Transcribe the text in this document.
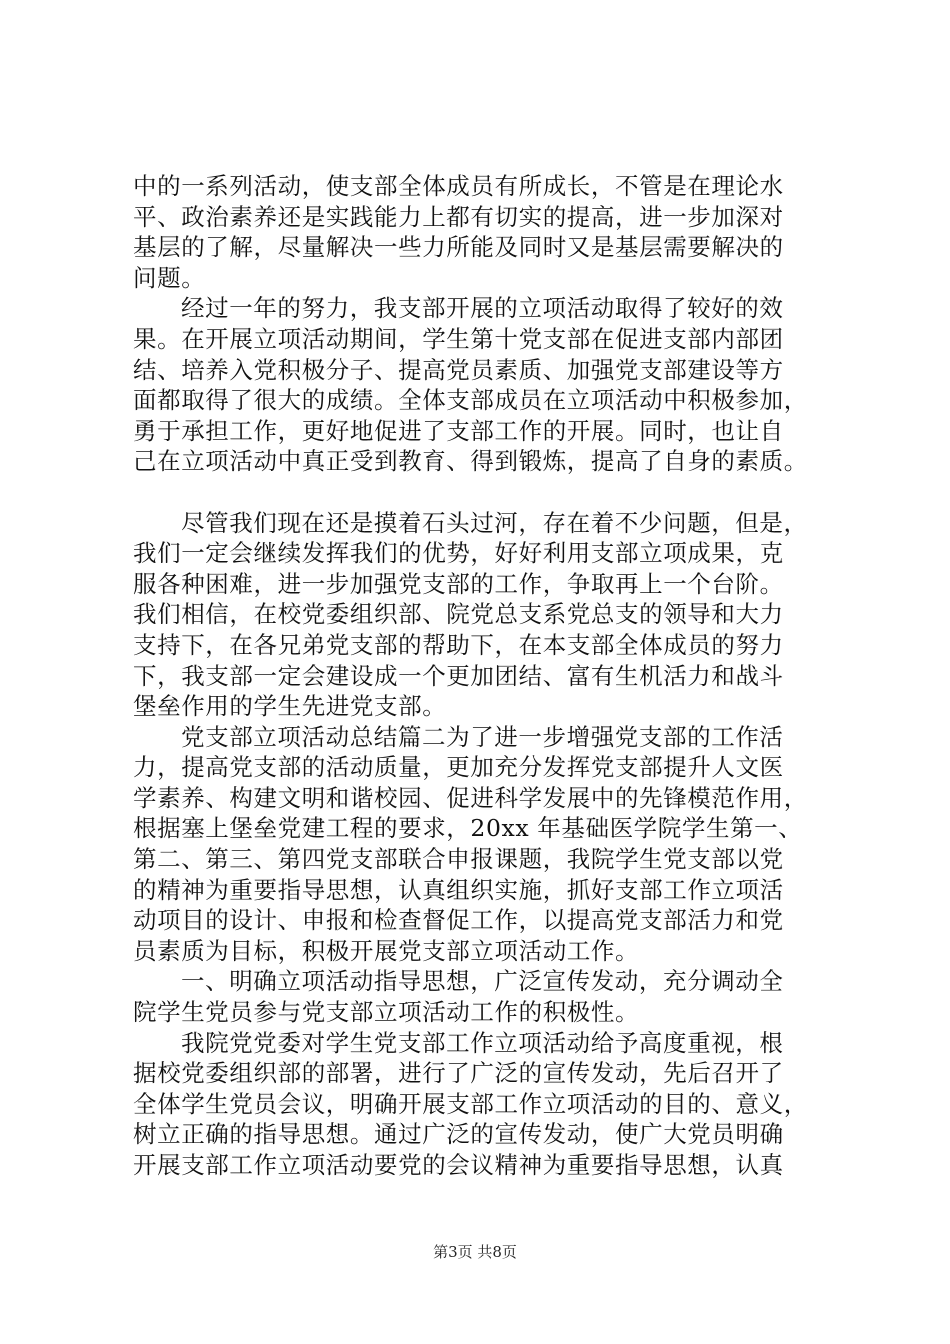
中的一系列活动，使支部全体成员有所成长，不管是在理论水
平、政治素养还是实践能力上都有切实的提高，进一步加深对
基层的了解，尽量解决一些力所能及同时又是基层需要解决的
问题。
经过一年的努力，我支部开展的立项活动取得了较好的效
果。在开展立项活动期间，学生第十党支部在促进支部内部团
结、培养入党积极分子、提高党员素质、加强党支部建设等方
面都取得了很大的成绩。全体支部成员在立项活动中积极参加，
勇于承担工作，更好地促进了支部工作的开展。同时，也让自
己在立项活动中真正受到教育、得到锻炼，提高了自身的素质。
尽管我们现在还是摸着石头过河，存在着不少问题，但是，
我们一定会继续发挥我们的优势，好好利用支部立项成果，克
服各种困难，进一步加强党支部的工作，争取再上一个台阶。
我们相信，在校党委组织部、院党总支系党总支的领导和大力
支持下，在各兄弟党支部的帮助下，在本支部全体成员的努力
下，我支部一定会建设成一个更加团结、富有生机活力和战斗
堡垒作用的学生先进党支部。
党支部立项活动总结篇二为了进一步增强党支部的工作活
力，提高党支部的活动质量，更加充分发挥党支部提升人文医
学素养、构建文明和谐校园、促进科学发展中的先锋模范作用，
根据塞上堡垒党建工程的要求，20xx 年基础医学院学生第一、
第二、第三、第四党支部联合申报课题，我院学生党支部以党
的精神为重要指导思想，认真组织实施，抓好支部工作立项活
动项目的设计、申报和检查督促工作，以提高党支部活力和党
员素质为目标，积极开展党支部立项活动工作。
一、明确立项活动指导思想，广泛宣传发动，充分调动全
院学生党员参与党支部立项活动工作的积极性。
我院党党委对学生党支部工作立项活动给予高度重视，根
据校党委组织部的部署，进行了广泛的宣传发动，先后召开了
全体学生党员会议，明确开展支部工作立项活动的目的、意义，
树立正确的指导思想。通过广泛的宣传发动，使广大党员明确
开展支部工作立项活动要党的会议精神为重要指导思想，认真
第3页 共8页
